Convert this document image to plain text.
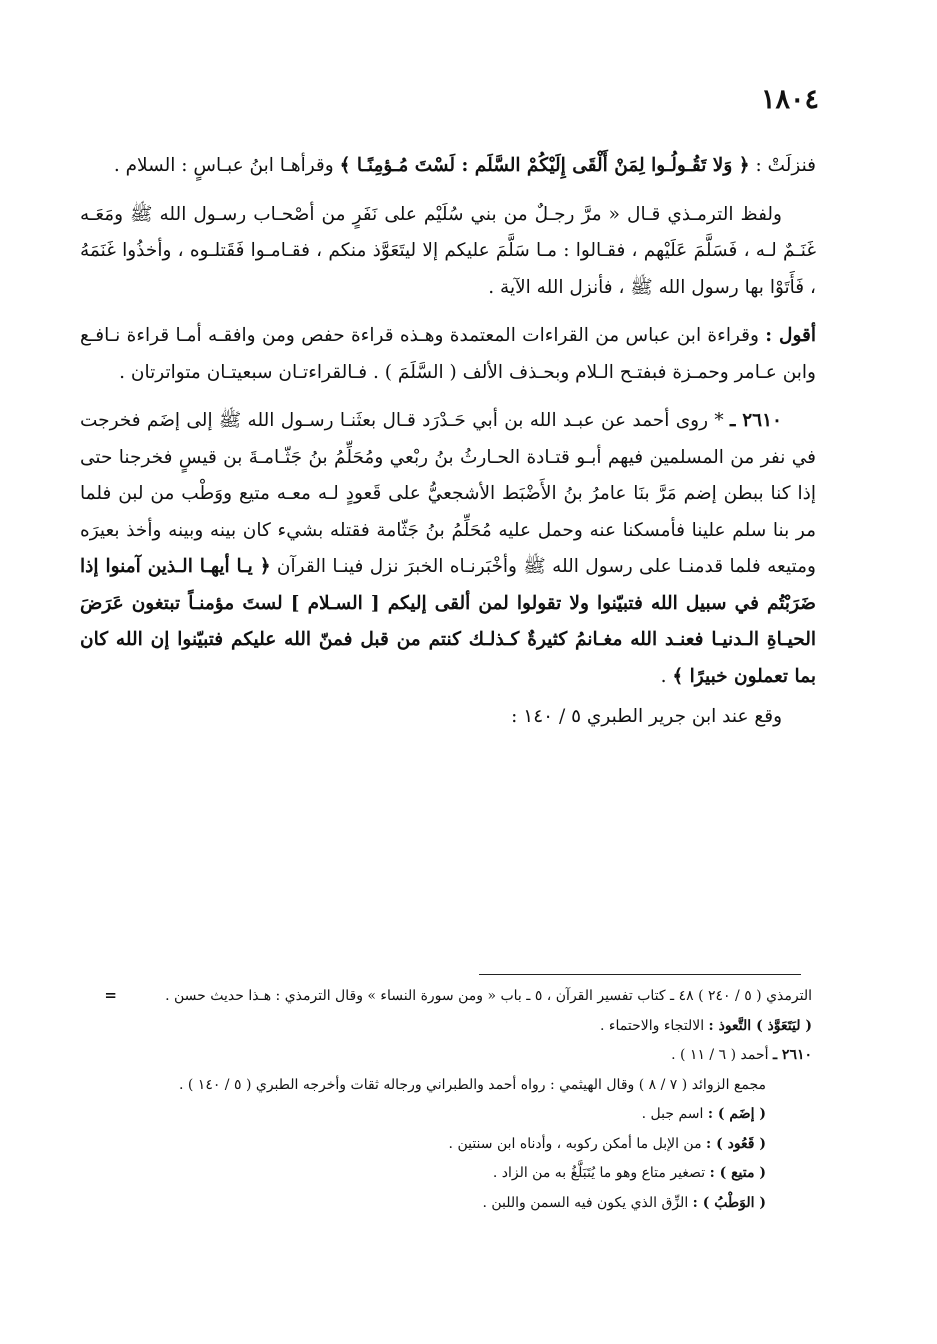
١٨٠٤

فنزلَتْ : ﴿ وَلا تَقُـولُـوا لِمَنْ أَلْقَى إِلَيْكُمْ السَّلَم : لَسْتَ مُـؤمِنًـا ﴾ وقرأهـا ابنُ عبـاسٍ : السلام .

ولفظ الترمـذي قـال « مرَّ رجـلٌ من بني سُلَيْم على نَفَرٍ من أصْحـاب رسـول الله ﷺ ومَعَـه غَنَـمٌ لـه ، فَسَلَّمَ عَلَيْهم ، فقـالوا : مـا سَلَّمَ عليكم إلا ليتَعَوَّذ منكم ، فقـامـوا فَقَتلـوه ، وأخذُوا غَنَمَهُ ، فَأَتَوْا بها رسول الله ﷺ ، فأنزل الله الآية .

أقول : وقراءة ابن عباس من القراءات المعتمدة وهـذه قراءة حفص ومن وافقـه أمـا قراءة نـافـع وابن عـامر وحمـزة فبفتـح الـلام وبحـذف الألف ( السَّلَمَ ) . فـالقراءتـان سبعيتـان متواترتان .

٢٦١٠ ـ * روى أحمد عن عبـد الله بن أبي حَـدْرَد قـال بعثَنـا رسـول الله ﷺ إلى إضَم فخرجت في نفر من المسلمين فيهم أبـو قتـادة الحـارثُ بنُ ربْعي ومُحَلِّمُ بنُ جَثّـامـةَ بن قيسٍ فخرجنا حتى إذا كنا ببطن إضم مَرَّ بنَا عامرُ بنُ الأَضْبَط الأشجعيُّ على قَعودٍ لـه معـه متيع ووَطْب من لبن فلما مر بنا سلم علينا فأمسكنا عنه وحمل عليه مُحَلِّمُ بنُ جَثّامة فقتله بشيء كان بينه وبينه وأخذ بعيرَه ومتيعه فلما قدمنـا على رسول الله ﷺ وأخْبَرنـاه الخبرَ نزل فينـا القرآن ﴿ يـا أيهـا الـذين آمنوا إذا ضَرَبْتُم في سبيل الله فتبيّنوا ولا تقولوا لمن ألقى إليكم [ السـلام ] لستَ مؤمنـاً تبتغون عَرَضَ الحيـاةِ الـدنيـا فعنـد الله مغـانمُ كثيرةٌ كـذلـك كنتم من قبل فمنّ الله عليكم فتبيّنوا إن الله كان بما تعملون خبيرًا ﴾ .

وقع عند ابن جرير الطبري ٥ / ١٤٠ :

=	الترمذي ( ٥ / ٢٤٠ ) ٤٨ ـ كتاب تفسير القرآن ، ٥ ـ باب « ومن سورة النساء » وقال الترمذي : هـذا حديث حسن .

( ليَتَعَوَّذ ) التَّعوذ : الالتجاء والاحتماء .

٢٦١٠ ـ أحمد ( ٦ / ١١ ) .

مجمع الزوائد ( ٧ / ٨ ) وقال الهيثمي : رواه أحمد والطبراني ورجاله ثقات وأخرجه الطبري ( ٥ / ١٤٠ ) .

( إضَم ) : اسم جبل .

( قَعُود ) : من الإبل ما أمكن ركوبه ، وأدناه ابن سنتين .

( متيع ) : تصغير متاع وهو ما يُتَبَلَّغُ به من الزاد .

( الوَطْبُ ) : الزِّق الذي يكون فيه السمن واللبن .
